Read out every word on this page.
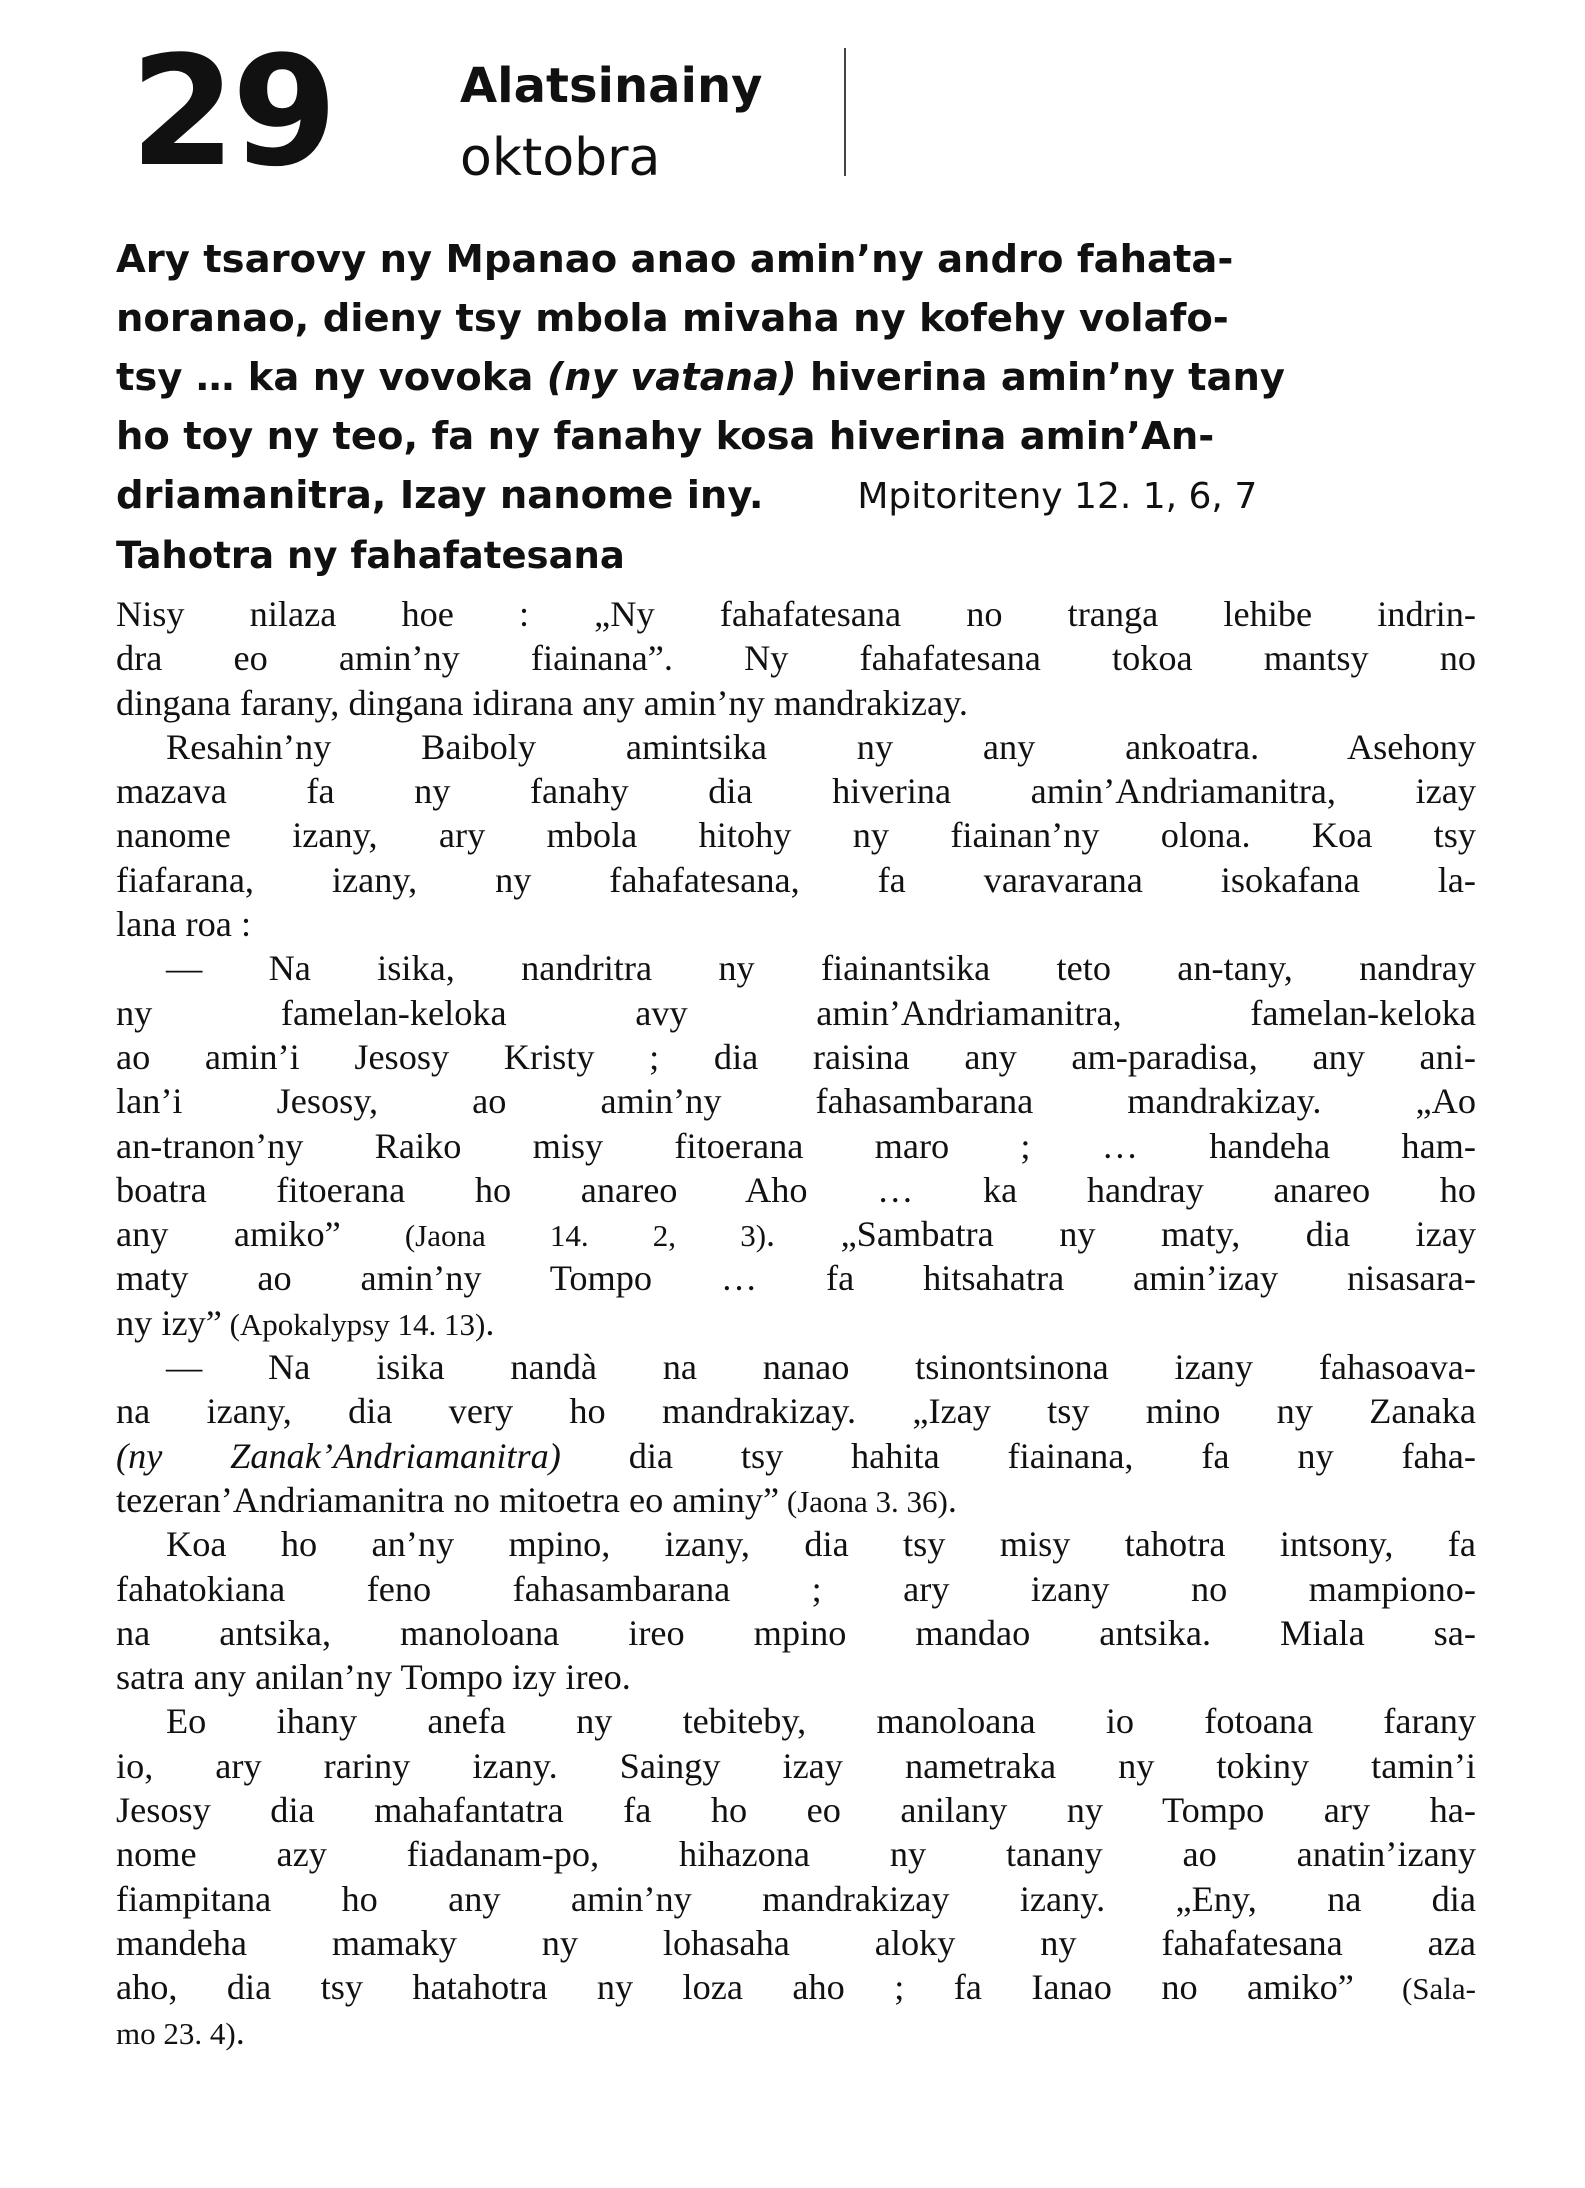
29	Alatsinainy
oktobra

Ary tsarovy ny Mpanao anao amin’ny andro fahata-

noranao, dieny tsy mbola mivaha ny kofehy volafo-

tsy … ka ny vovoka (ny vatana) hiverina amin’ny tany

ho toy ny teo, fa ny fanahy kosa hiverina amin’An-

driamanitra, Izay nanome iny.	Mpitoriteny 12. 1, 6, 7

Tahotra ny fahafatesana
Nisy nilaza hoe : „Ny fahafatesana no tranga lehibe indrin-
dra eo amin’ny fiainana”. Ny fahafatesana tokoa mantsy no
dingana farany, dingana idirana any amin’ny mandrakizay.
Resahin’ny Baiboly amintsika ny any ankoatra. Asehony
mazava fa ny fanahy dia hiverina amin’Andriamanitra, izay
nanome izany, ary mbola hitohy ny fiainan’ny olona. Koa tsy
fiafarana, izany, ny fahafatesana, fa varavarana isokafana la-
lana roa :
— Na isika, nandritra ny fiainantsika teto an-tany, nandray
ny famelan-keloka avy amin’Andriamanitra, famelan-keloka
ao amin’i Jesosy Kristy ; dia raisina any am-paradisa, any ani-
lan’i Jesosy, ao amin’ny fahasambarana mandrakizay. „Ao
an-tranon’ny Raiko misy fitoerana maro ; … handeha ham-
boatra fitoerana ho anareo Aho … ka handray anareo ho
any amiko” (Jaona 14. 2, 3). „Sambatra ny maty, dia izay
maty ao amin’ny Tompo … fa hitsahatra amin’izay nisasara-
ny izy” (Apokalypsy 14. 13).
— Na isika nandà na nanao tsinontsinona izany fahasoava-
na izany, dia very ho mandrakizay. „Izay tsy mino ny Zanaka
(ny Zanak’Andriamanitra) dia tsy hahita fiainana, fa ny faha-
tezeran’Andriamanitra no mitoetra eo aminy” (Jaona 3. 36).
Koa ho an’ny mpino, izany, dia tsy misy tahotra intsony, fa
fahatokiana feno fahasambarana ; ary izany no mampiono-
na antsika, manoloana ireo mpino mandao antsika. Miala sa-
satra any anilan’ny Tompo izy ireo.
Eo ihany anefa ny tebiteby, manoloana io fotoana farany
io, ary rariny izany. Saingy izay nametraka ny tokiny tamin’i
Jesosy dia mahafantatra fa ho eo anilany ny Tompo ary ha-
nome azy fiadanam-po, hihazona ny tanany ao anatin’izany
fiampitana ho any amin’ny mandrakizay izany. „Eny, na dia
mandeha mamaky ny lohasaha aloky ny fahafatesana aza
aho, dia tsy hatahotra ny loza aho ; fa Ianao no amiko” (Sala-
mo 23. 4).
